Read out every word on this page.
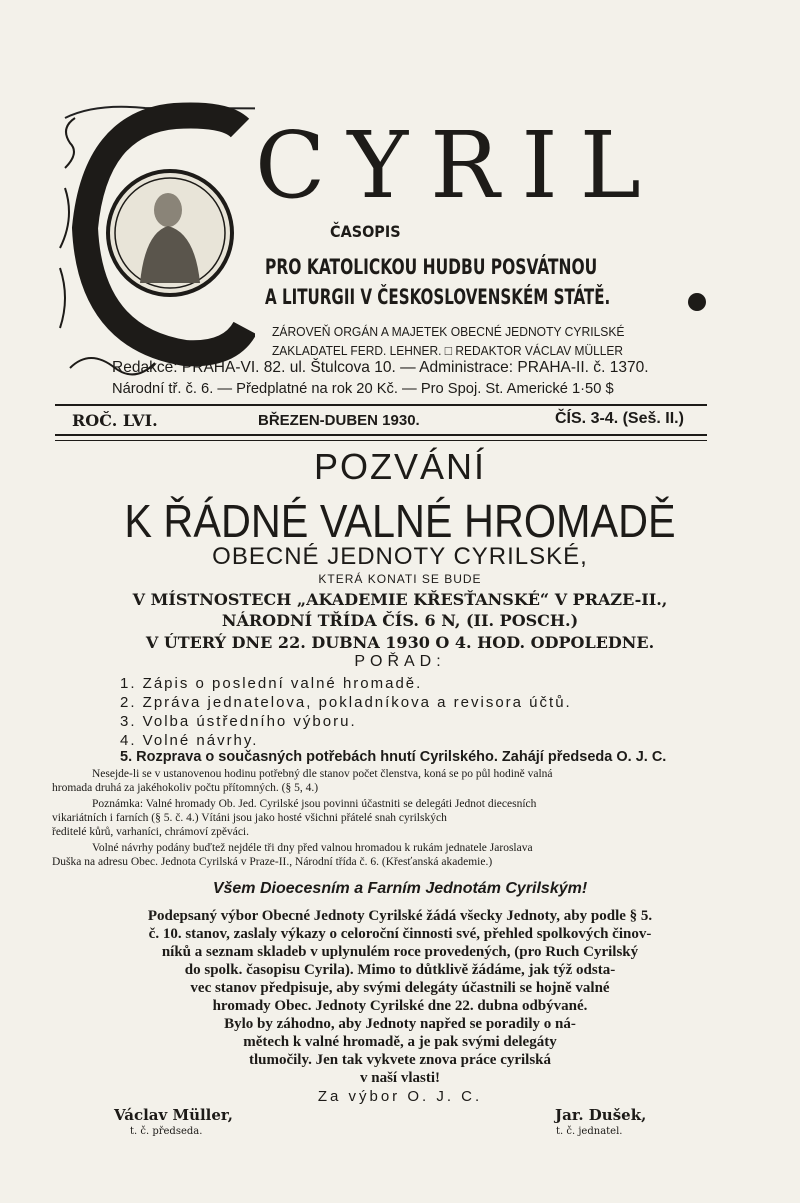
CYRIL
ČASOPIS
PRO KATOLICKOU HUDBU POSVÁTNOU
A LITURGII V ČESKOSLOVENSKÉM STÁTĚ.
ZÁROVEŇ ORGÁN A MAJETEK OBECNÉ JEDNOTY CYRILSKÉ
ZAKLADATEL FERD. LEHNER. □ REDAKTOR VÁCLAV MÜLLER
Redakce: PRAHA-VI. 82. ul. Štulcova 10. — Administrace: PRAHA-II. č. 1370.
Národní tř. č. 6. — Předplatné na rok 20 Kč. — Pro Spoj. St. Americké 1·50 $
ROČ. LVI.	BŘEZEN-DUBEN 1930.	ČÍS. 3-4. (Seš. II.)
POZVÁNÍ
K ŘÁDNÉ VALNÉ HROMADĚ
OBECNÉ JEDNOTY CYRILSKÉ,
KTERÁ KONATI SE BUDE
V MÍSTNOSTECH „AKADEMIE KŘESŤANSKÉ“ V PRAZE-II.,
NÁRODNÍ TŘÍDA ČÍS. 6 N, (II. POSCH.)
V ÚTERÝ DNE 22. DUBNA 1930 O 4. HOD. ODPOLEDNE.
POŘAD:
1. Zápis o poslední valné hromadě.
2. Zpráva jednatelova, pokladníkova a revisora účtů.
3. Volba ústředního výboru.
4. Volné návrhy.
5. Rozprava o současných potřebách hnutí Cyrilského. Zahájí předseda O. J. C.
Nesejde-li se v ustanovenou hodinu potřebný dle stanov počet členstva, koná se po půl hodině valná
hromada druhá za jakéhokoliv počtu přítomných. (§ 5, 4.)
Poznámka: Valné hromady Ob. Jed. Cyrilské jsou povinni účastniti se delegáti Jednot diecesních
vikariátních i farních (§ 5. č. 4.) Vítáni jsou jako hosté všichni přátelé snah cyrilských
ředitelé kůrů, varhaníci, chrámoví zpěváci.
Volné návrhy podány buďtež nejdéle tři dny před valnou hromadou k rukám jednatele Jaroslava
Duška na adresu Obec. Jednota Cyrilská v Praze-II., Národní třída č. 6. (Křesťanská akademie.)
Všem Dioecesním a Farním Jednotám Cyrilským!
Podepsaný výbor Obecné Jednoty Cyrilské žádá všecky Jednoty, aby podle § 5.
č. 10. stanov, zaslaly výkazy o celoroční činnosti své, přehled spolkových činov-
níků a seznam skladeb v uplynulém roce provedených, (pro Ruch Cyrilský
do spolk. časopisu Cyrila). Mimo to důtklivě žádáme, jak týž odsta-
vec stanov předpisuje, aby svými delegáty účastnili se hojně valné
hromady Obec. Jednoty Cyrilské dne 22. dubna odbývané.
Bylo by záhodno, aby Jednoty napřed se poradily o ná-
mětech k valné hromadě, a je pak svými delegáty
tlumočily. Jen tak vykvete znova práce cyrilská
v naší vlasti!
Za výbor O. J. C.
Václav Müller,
t. č. předseda.
Jar. Dušek,
t. č. jednatel.
